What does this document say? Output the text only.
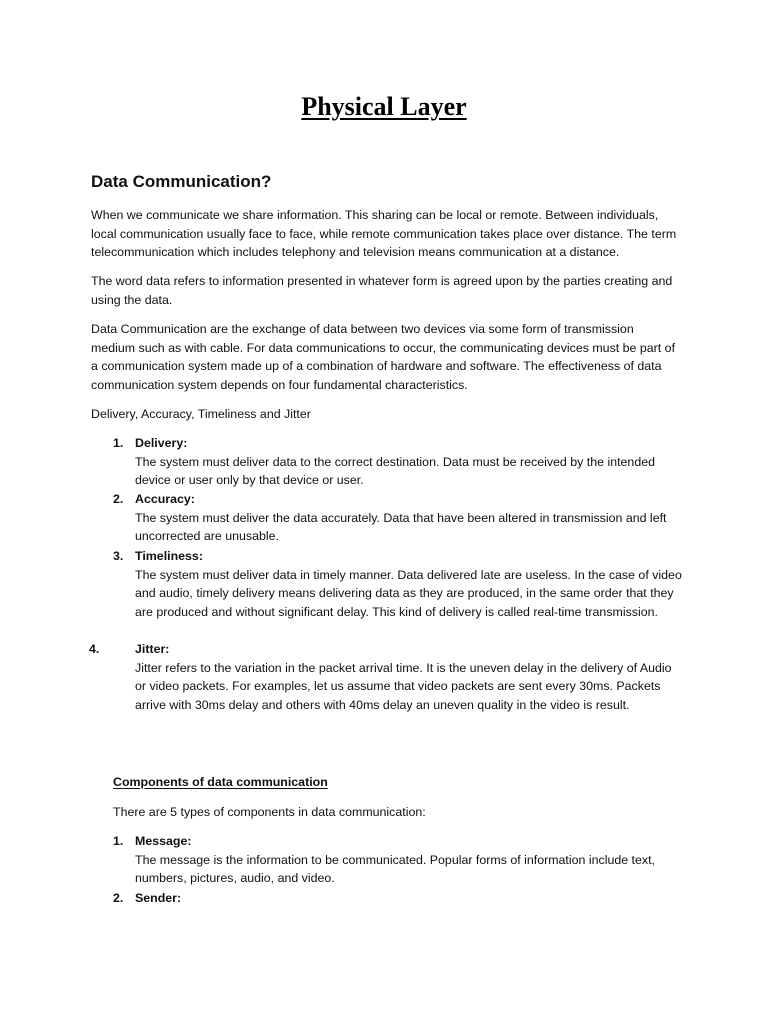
Physical Layer
Data Communication?

When we communicate we share information. This sharing can be local or remote. Between individuals, local communication usually face to face, while remote communication takes place over distance. The term telecommunication which includes telephony and television means communication at a distance.

The word data refers to information presented in whatever form is agreed upon by the parties creating and using the data.

Data Communication are the exchange of data between two devices via some form of transmission medium such as with cable. For data communications to occur, the communicating devices must be part of a communication system made up of a combination of hardware and software. The effectiveness of data communication system depends on four fundamental characteristics.

Delivery, Accuracy, Timeliness and Jitter

1. Delivery:
The system must deliver data to the correct destination. Data must be received by the intended device or user only by that device or user.
2. Accuracy:
The system must deliver the data accurately. Data that have been altered in transmission and left uncorrected are unusable.
3. Timeliness:
The system must deliver data in timely manner. Data delivered late are useless. In the case of video and audio, timely delivery means delivering data as they are produced, in the same order that they are produced and without significant delay. This kind of delivery is called real-time transmission.
4.	Jitter:
Jitter refers to the variation in the packet arrival time. It is the uneven delay in the delivery of Audio or video packets. For examples, let us assume that video packets are sent every 30ms. Packets arrive with 30ms delay and others with 40ms delay an uneven quality in the video is result.
Components of data communication

There are 5 types of components in data communication:

1. Message:
The message is the information to be communicated. Popular forms of information include text, numbers, pictures, audio, and video.
2. Sender:
